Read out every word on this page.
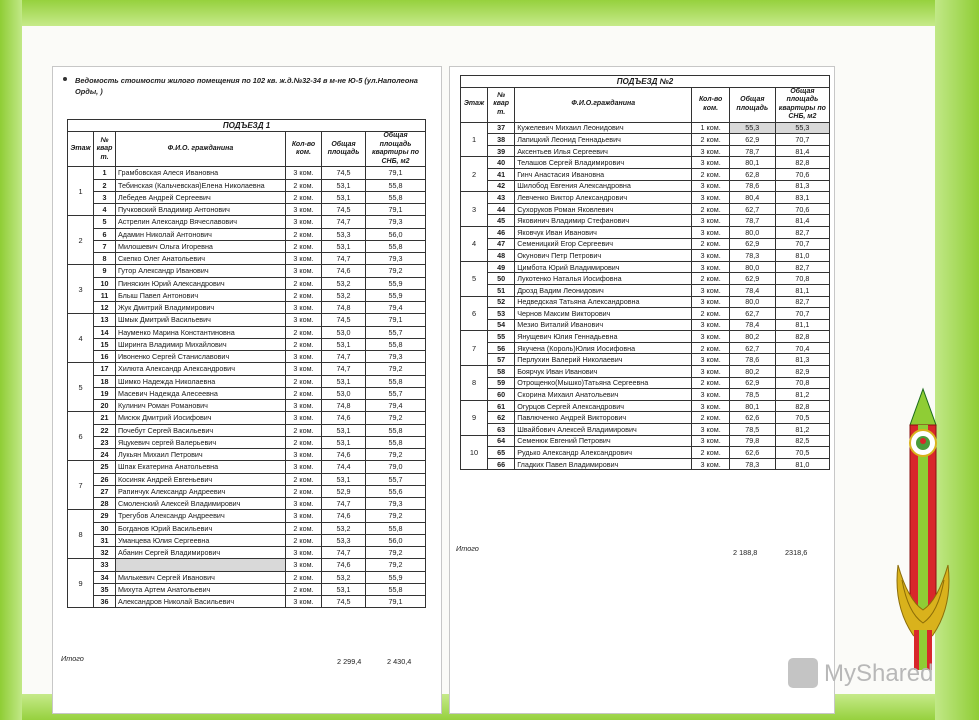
Ведомость стоимости жилого помещения по 102 кв. ж.д.№32-34 в м-не Ю-5 (ул.Наполеона Орды, )
ПОДЪЕЗД 1					
Этаж	№ квар т.	Ф.И.О. гражданина	Кол-во ком.	Общая площадь	Общая площадь квартиры по СНБ, м2
1	1	Грамбовская Алеся Ивановна	3 ком.	74,5	79,1
	2	Тебинская (Кальчевская)Елена Николаевна	2 ком.	53,1	55,8
	3	Лебедев Андрей Сергеевич	2 ком.	53,1	55,8
	4	Пучковский Владимир Антонович	3 ком.	74,5	79,1
2	5	Астрелин Александр Вячеславович	3 ком.	74,7	79,3
	6	Адамин Николай Антонович	2 ком.	53,3	56,0
	7	Милошевич Ольга Игоревна	2 ком.	53,1	55,8
	8	Скепко Олег Анатольевич	3 ком.	74,7	79,3
3	9	Гутор Александр Иванович	3 ком.	74,6	79,2
	10	Пиняскин Юрий Александрович	2 ком.	53,2	55,9
	11	Блыш Павел Антонович	2 ком.	53,2	55,9
	12	Жук Дмитрий Владимирович	3 ком.	74,8	79,4
4	13	Шмык Дмитрий Васильевич	3 ком.	74,5	79,1
	14	Науменко Марина Константиновна	2 ком.	53,0	55,7
	15	Ширинга Владимир Михайлович	2 ком.	53,1	55,8
	16	Ивоненко Сергей Станиславович	3 ком.	74,7	79,3
5	17	Хилюта Александр Александрович	3 ком.	74,7	79,2
	18	Шимко Надежда Николаевна	2 ком.	53,1	55,8
	19	Масевич Надежда Алесеевна	2 ком.	53,0	55,7
	20	Кулинич Роман Романович	3 ком.	74,8	79,4
6	21	Мисюк Дмитрий Иосифович	3 ком.	74,6	79,2
	22	Почебут Сергей Васильевич	2 ком.	53,1	55,8
	23	Яцукевич сергей Валерьевич	2 ком.	53,1	55,8
	24	Лукьян Михаил Петрович	3 ком.	74,6	79,2
7	25	Шпак Екатерина Анатольевна	3 ком.	74,4	79,0
	26	Косиняк Андрей Евгеньевич	2 ком.	53,1	55,7
	27	Рапинчук Александр Андреевич	2 ком.	52,9	55,6
	28	Смоленский Алексей Владимирович	3 ком.	74,7	79,3
8	29	Трегубов Александр Андреевич	3 ком.	74,6	79,2
	30	Богданов Юрий Васильевич	2 ком.	53,2	55,8
	31	Уманцева Юлия Сергеевна	2 ком.	53,3	56,0
	32	Абанин Сергей Владимирович	3 ком.	74,7	79,2
9	33		3 ком.	74,6	79,2
	34	Милькевич Сергей Иванович	2 ком.	53,2	55,9
	35	Михута Артем Анатольевич	2 ком.	53,1	55,8
	36	Александров Николай Васильевич	3 ком.	74,5	79,1
Итого	2 299,4	2 430,4
ПОДЪЕЗД №2					
Этаж	№ квар т.	Ф.И.О.гражданина	Кол-во ком.	Общая площадь	Общая площадь квартиры по СНБ, м2
1	37	Кужелевич Михаил Леонидович	1 ком.	55,3	55,3
	38	Лапицкий Леонид Геннадьевич	2 ком.	62,9	70,7
	39	Аксентьев Илья Сергеевич	3 ком.	78,7	81,4
2	40	Телашов Сергей Владимирович	3 ком.	80,1	82,8
	41	Гинч Анастасия Ивановна	2 ком.	62,8	70,6
	42	Шилобод Евгения Александровна	3 ком.	78,6	81,3
3	43	Левченко Виктор Александрович	3 ком.	80,4	83,1
	44	Сухоруков Роман Яковлевич	2 ком.	62,7	70,6
	45	Яковинич Владимир Стефанович	3 ком.	78,7	81,4
4	46	Яковчук Иван Иванович	3 ком.	80,0	82,7
	47	Семеницкий Егор Сергеевич	2 ком.	62,9	70,7
	48	Окунович Петр Петрович	3 ком.	78,3	81,0
5	49	Цимбота Юрий Владимирович	3 ком.	80,0	82,7
	50	Лукотенко Наталья Иосифовна	2 ком.	62,9	70,8
	51	Дрозд Вадим Леонидович	3 ком.	78,4	81,1
6	52	Недведская Татьяна Александровна	3 ком.	80,0	82,7
	53	Чернов Максим Викторович	2 ком.	62,7	70,7
	54	Мезио Виталий Иванович	3 ком.	78,4	81,1
7	55	Янущевич Юлия Геннадьевна	3 ком.	80,2	82,8
	56	Якучена (Король)Юлия Иосифовна	2 ком.	62,7	70,4
	57	Перлухин Валерий Николаевич	3 ком.	78,6	81,3
8	58	Боярчук Иван Иванович	3 ком.	80,2	82,9
	59	Отрощенко(Мышко)Татьяна Сергеевна	2 ком.	62,9	70,8
	60	Скорина Михаил Анатольевич	3 ком.	78,5	81,2
9	61	Огурцов Сергей Александрович	3 ком.	80,1	82,8
	62	Павлюченко Андрей Викторович	2 ком.	62,6	70,5
	63	Швайбович Алексей Владимирович	3 ком.	78,5	81,2
10	64	Семенюк Евгений Петрович	3 ком.	79,8	82,5
	65	Рудько Александр Александрович	2 ком.	62,6	70,5
	66	Гладких Павел Владимирович	3 ком.	78,3	81,0
Итого	2 188,8	2318,6
MyShared
